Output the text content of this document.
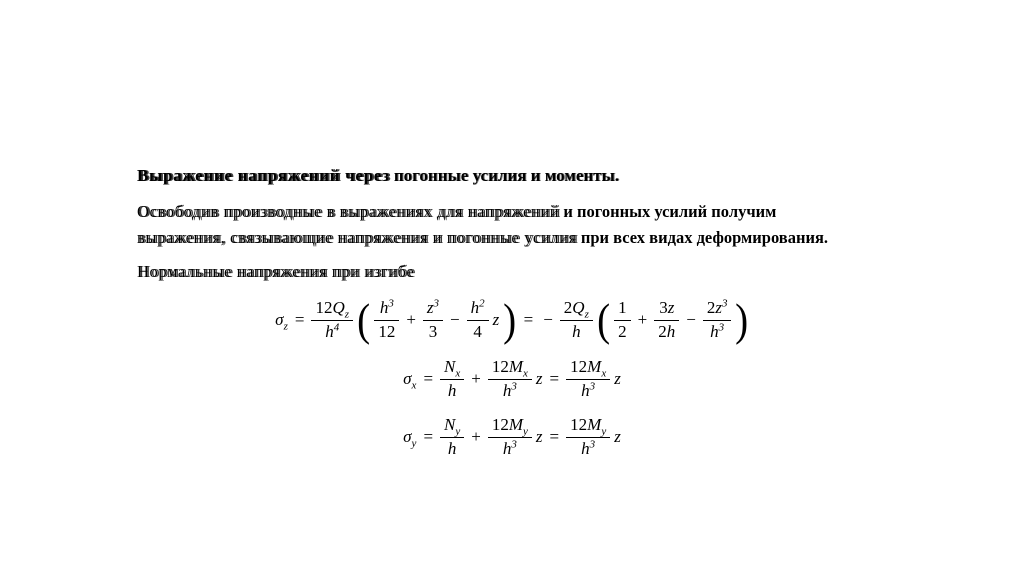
Выражение напряжений через погонные усилия и моменты.
Освободив производные в выражениях для напряжений и погонных усилий получим
выражения, связывающие напряжения и погонные усилия при всех видах деформирования.
Нормальные напряжения при изгибе
$\sigma_z = \frac{12Q_z}{h^4}$ ( $\frac{h^3}{12} + \frac{z^3}{3} - \frac{h^2}{4}$ z ) = − $\frac{2Q_z}{h}$ ( $\frac{1}{2} + \frac{3z}{2h} - \frac{2z^3}{h^3}$ )
$\sigma_x = \frac{N_x}{h} + \frac{12M_x}{h^3}$ $z = \frac{12M_x}{h^3}$ z
$\sigma_y = \frac{N_y}{h} + \frac{12M_y}{h^3}$ $z = \frac{12M_y}{h^3}$ z
